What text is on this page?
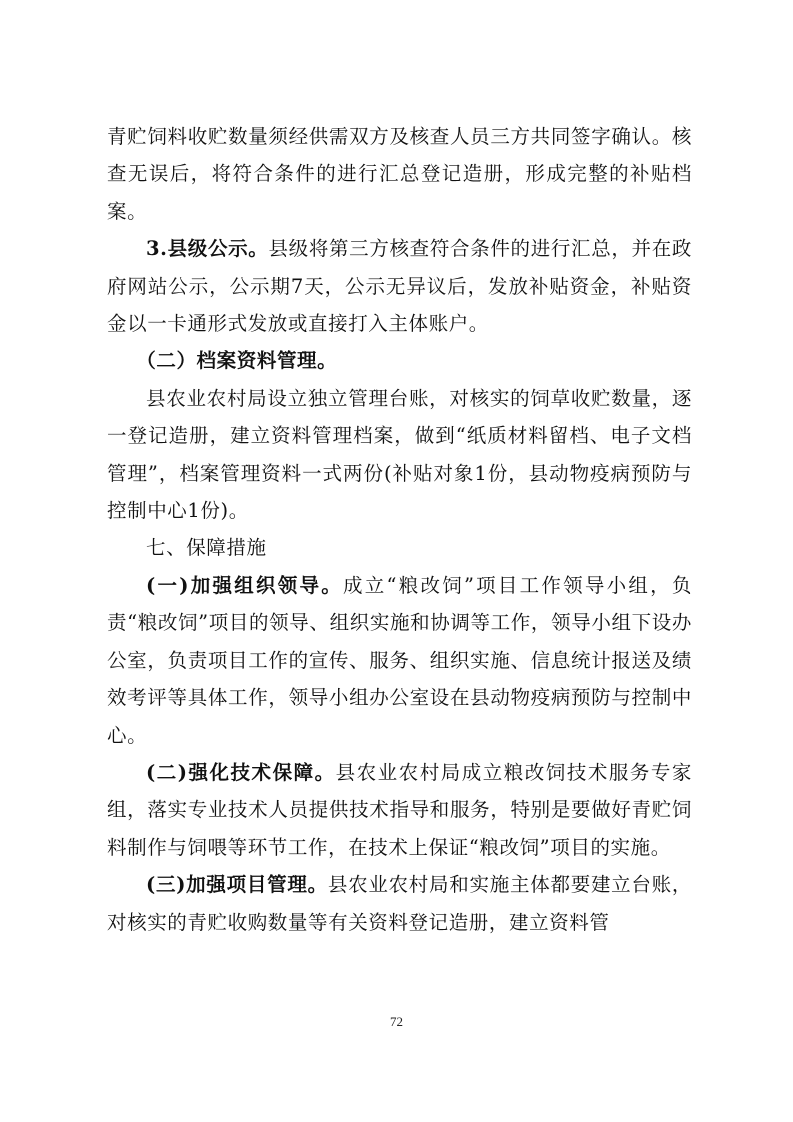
青贮饲料收贮数量须经供需双方及核查人员三方共同签字确认。核查无误后，将符合条件的进行汇总登记造册，形成完整的补贴档案。

3.县级公示。县级将第三方核查符合条件的进行汇总，并在政府网站公示，公示期7天，公示无异议后，发放补贴资金，补贴资金以一卡通形式发放或直接打入主体账户。

（二）档案资料管理。

县农业农村局设立独立管理台账，对核实的饲草收贮数量，逐一登记造册，建立资料管理档案，做到“纸质材料留档、电子文档管理”，档案管理资料一式两份(补贴对象1份，县动物疫病预防与控制中心1份)。

七、保障措施

(一)加强组织领导。成立“粮改饲”项目工作领导小组，负责“粮改饲”项目的领导、组织实施和协调等工作，领导小组下设办公室，负责项目工作的宣传、服务、组织实施、信息统计报送及绩效考评等具体工作，领导小组办公室设在县动物疫病预防与控制中心。

(二)强化技术保障。县农业农村局成立粮改饲技术服务专家组，落实专业技术人员提供技术指导和服务，特别是要做好青贮饲料制作与饲喂等环节工作，在技术上保证“粮改饲”项目的实施。

(三)加强项目管理。县农业农村局和实施主体都要建立台账，对核实的青贮收购数量等有关资料登记造册，建立资料管

72
